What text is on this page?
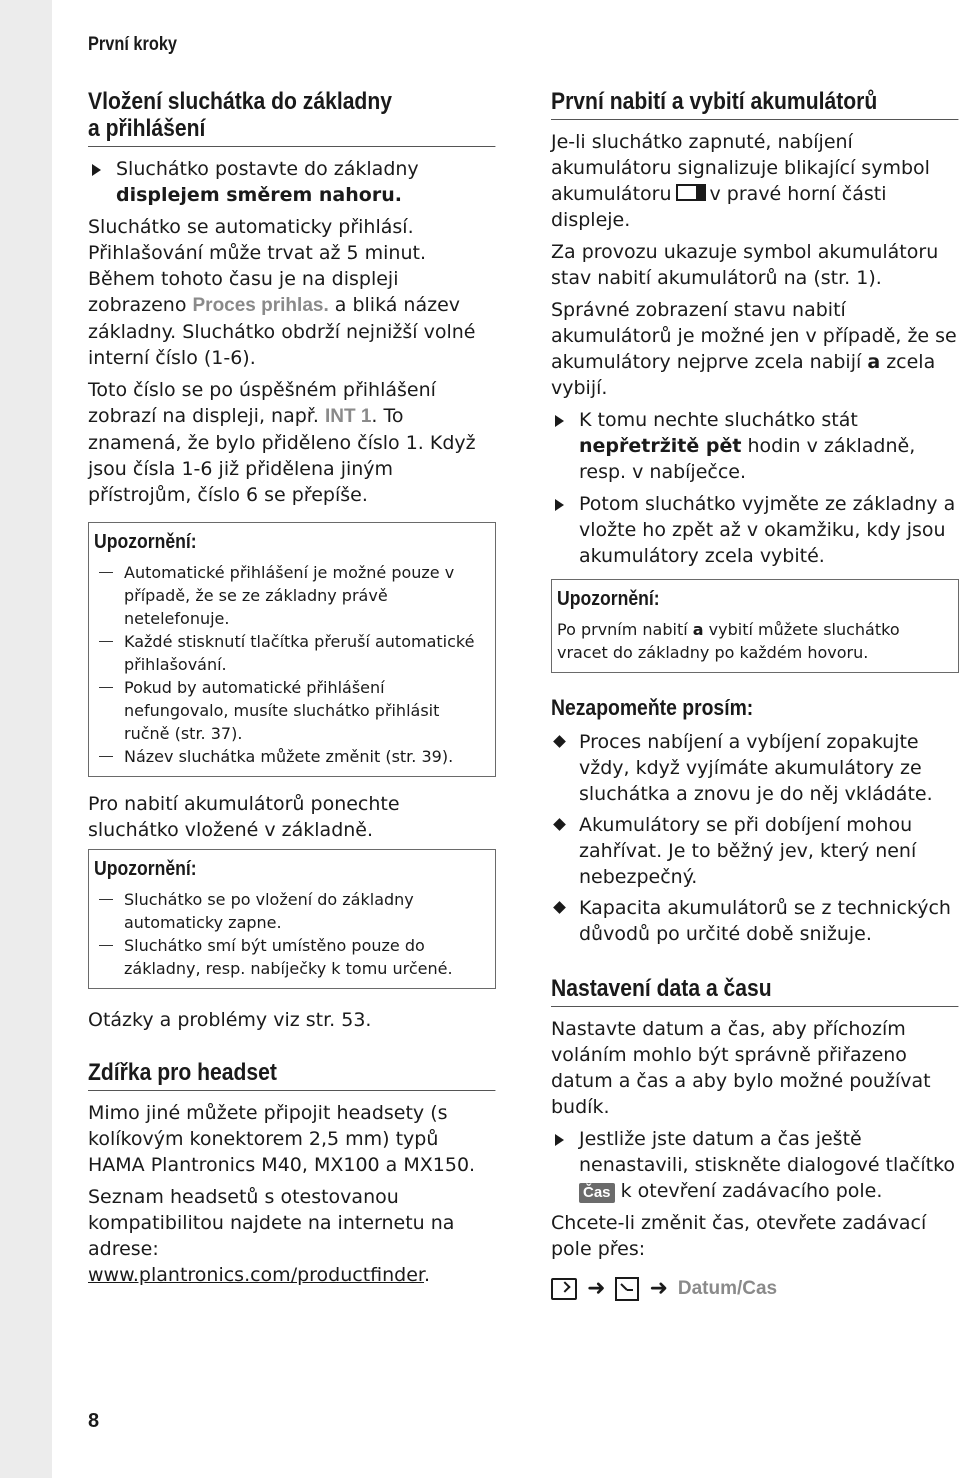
První kroky
Vložení sluchátka do základny
a přihlášení
Sluchátko postavte do základny
displejem směrem nahoru.

Sluchátko se automaticky přihlásí. Přihlašování může trvat až 5 minut. Během tohoto času je na displeji zobrazeno Proces prihlas. a bliká název základny. Sluchátko obdrží nejnižší volné interní číslo (1-6).

Toto číslo se po úspěšném přihlášení zobrazí na displeji, např. INT 1. To znamená, že bylo přiděleno číslo 1. Když jsou čísla 1-6 již přidělena jiným přístrojům, číslo 6 se přepíše.

Upozornění:
Automatické přihlášení je možné pouze v případě, že se ze základny právě netelefonuje.
Každé stisknutí tlačítka přeruší automatické přihlašování.
Pokud by automatické přihlášení nefungovalo, musíte sluchátko přihlásit ručně (str. 37).
Název sluchátka můžete změnit (str. 39).

Pro nabití akumulátorů ponechte sluchátko vložené v základně.

Upozornění:
Sluchátko se po vložení do základny automaticky zapne.
Sluchátko smí být umístěno pouze do základny, resp. nabíječky k tomu určené.

Otázky a problémy viz str. 53.

Zdířka pro headset

Mimo jiné můžete připojit headsety (s kolíkovým konektorem 2,5 mm) typů HAMA Plantronics M40, MX100 a MX150.

Seznam headsetů s otestovanou kompatibilitou najdete na internetu na adrese: www.plantronics.com/productfinder.

První nabití a vybití akumulátorů

Je-li sluchátko zapnuté, nabíjení akumulátoru signalizuje blikající symbol akumulátoru v pravé horní části displeje.

Za provozu ukazuje symbol akumulátoru stav nabití akumulátorů na (str. 1).

Správné zobrazení stavu nabití akumulátorů je možné jen v případě, že se akumulátory nejprve zcela nabijí a zcela vybijí.

K tomu nechte sluchátko stát nepřetržitě pět hodin v základně, resp. v nabíječce.
Potom sluchátko vyjměte ze základny a vložte ho zpět až v okamžiku, kdy jsou akumulátory zcela vybité.
Upozornění:
Po prvním nabití a vybití můžete sluchátko vracet do základny po každém hovoru.
Nezapomeňte prosím:
Proces nabíjení a vybíjení zopakujte vždy, když vyjímáte akumulátory ze sluchátka a znovu je do něj vkládáte.
Akumulátory se při dobíjení mohou zahřívat. Je to běžný jev, který není nebezpečný.
Kapacita akumulátorů se z technických důvodů po určité době snižuje.
Nastavení data a času

Nastavte datum a čas, aby příchozím voláním mohlo být správně přiřazeno datum a čas a aby bylo možné používat budík.

Jestliže jste datum a čas ještě nenastavili, stiskněte dialogové tlačítko Čas k otevření zadávacího pole.

Chcete-li změnit čas, otevřete zadávací pole přes:

➜ ➜ Datum/Cas
8
